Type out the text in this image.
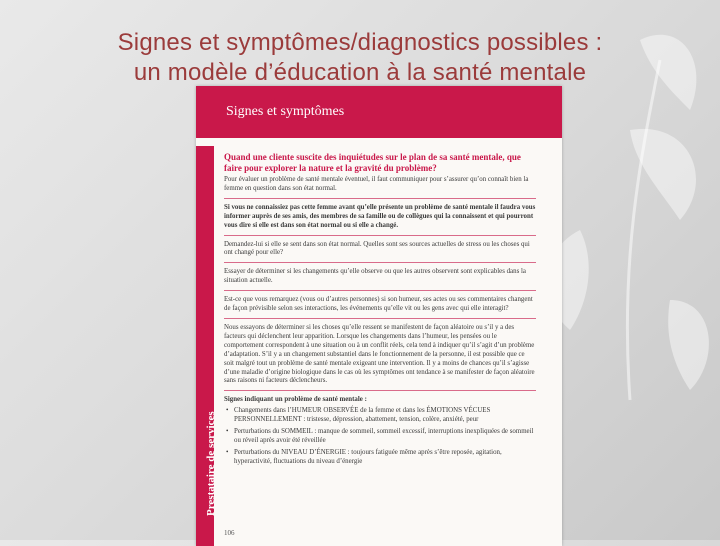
Signes et symptômes/diagnostics possibles :
un modèle d’éducation à la santé mentale
Signes et symptômes
Prestataire de services
Quand une cliente suscite des inquiétudes sur le plan de sa santé mentale, que faire pour explorer la nature et la gravité du problème?

Pour évaluer un problème de santé mentale éventuel, il faut communiquer pour s’assurer qu’on connaît bien la femme en question dans son état normal.

Si vous ne connaissiez pas cette femme avant qu’elle présente un problème de santé mentale il faudra vous informer auprès de ses amis, des membres de sa famille ou de collègues qui la connaissent et qui pourront vous dire si elle est dans son état normal ou si elle a changé.

Demandez-lui si elle se sent dans son état normal. Quelles sont ses sources actuelles de stress ou les choses qui ont changé pour elle?

Essayer de déterminer si les changements qu’elle observe ou que les autres observent sont explicables dans la situation actuelle.

Est-ce que vous remarquez (vous ou d’autres personnes) si son humeur, ses actes ou ses commentaires changent de façon prévisible selon ses interactions, les événements qu’elle vit ou les gens avec qui elle interagit?

Nous essayons de déterminer si les choses qu’elle ressent se manifestent de façon aléatoire ou s’il y a des facteurs qui déclenchent leur apparition. Lorsque les changements dans l’humeur, les pensées ou le comportement correspondent à une situation ou à un conflit réels, cela tend à indiquer qu’il s’agit d’un problème d’adaptation. S’il y a un changement substantiel dans le fonctionnement de la personne, il est possible que ce soit malgré tout un problème de santé mentale exigeant une intervention. Il y a moins de chances qu’il s’agisse d’une maladie d’origine biologique dans le cas où les symptômes ont tendance à se manifester de façon aléatoire sans raisons ni facteurs déclencheurs.

Signes indiquant un problème de santé mentale :

• Changements dans l’HUMEUR OBSERVÉE de la femme et dans les ÉMOTIONS VÉCUES PERSONNELLEMENT : tristesse, dépression, abattement, tension, colère, anxiété, peur
• Perturbations du SOMMEIL : manque de sommeil, sommeil excessif, interruptions inexpliquées de sommeil ou réveil après avoir été réveillée
• Perturbations du NIVEAU D’ÉNERGIE : toujours fatiguée même après s’être reposée, agitation, hyperactivité, fluctuations du niveau d’énergie
106
